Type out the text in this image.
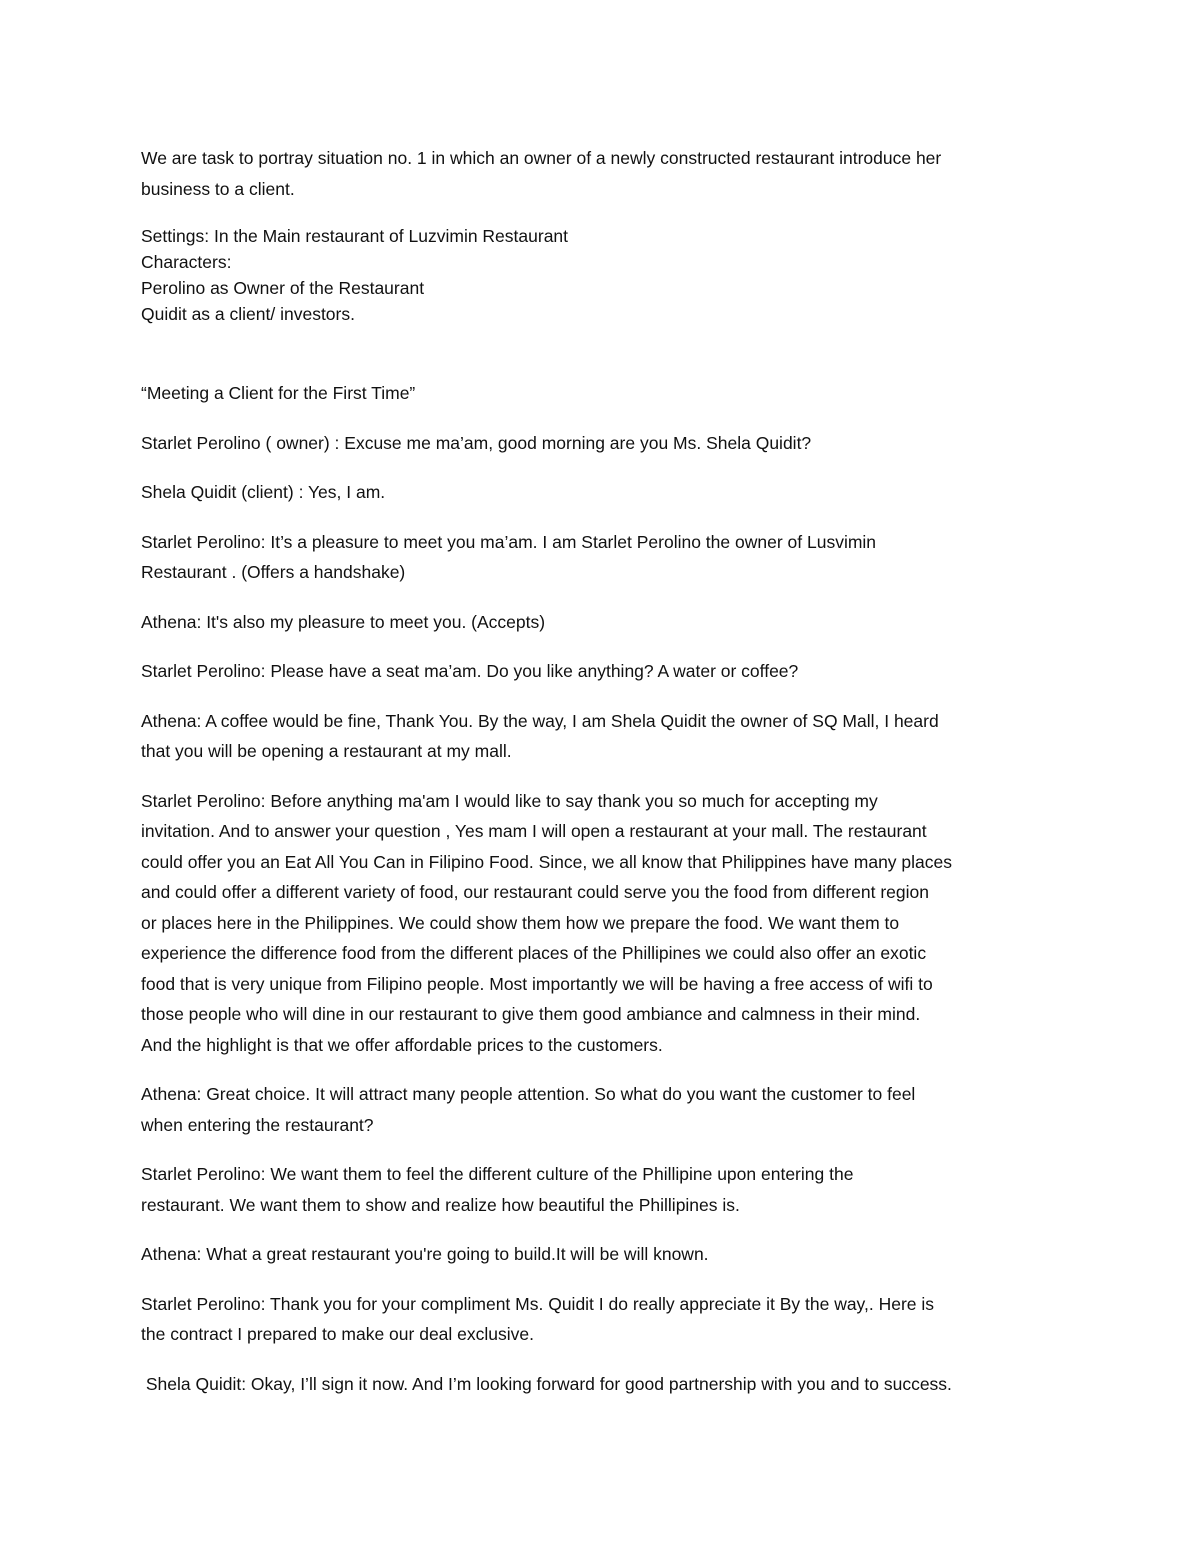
We are task to portray situation no. 1 in which an owner of a newly constructed restaurant introduce her
business to a client.
Settings: In the Main restaurant of Luzvimin Restaurant
Characters:
Perolino as Owner of the Restaurant
Quidit as a client/ investors.
“Meeting a Client for the First Time”
Starlet Perolino ( owner) : Excuse me ma’am, good morning are you Ms. Shela Quidit?
Shela Quidit (client) : Yes, I am.
Starlet Perolino: It’s a pleasure to meet you ma’am. I am Starlet Perolino the owner of Lusvimin
Restaurant . (Offers a handshake)
Athena: It's also my pleasure to meet you. (Accepts)
Starlet Perolino: Please have a seat ma’am. Do you like anything? A water or coffee?
Athena: A coffee would be fine, Thank You. By the way, I am Shela Quidit the owner of SQ Mall, I heard
that you will be opening a restaurant at my mall.
Starlet Perolino: Before anything ma'am I would like to say thank you so much for accepting my
invitation. And to answer your question , Yes mam I will open a restaurant at your mall. The restaurant
could offer you an Eat All You Can in Filipino Food. Since, we all know that Philippines have many places
and could offer a different variety of food, our restaurant could serve you the food from different region
or places here in the Philippines. We could show them how we prepare the food. We want them to
experience the difference food from the different places of the Phillipines we could also offer an exotic
food that is very unique from Filipino people. Most importantly we will be having a free access of wifi to
those people who will dine in our restaurant to give them good ambiance and calmness in their mind.
And the highlight is that we offer affordable prices to the customers.
Athena: Great choice. It will attract many people attention. So what do you want the customer to feel
when entering the restaurant?
Starlet Perolino: We want them to feel the different culture of the Phillipine upon entering the
restaurant. We want them to show and realize how beautiful the Phillipines is.
Athena: What a great restaurant you're going to build.It will be will known.
Starlet Perolino: Thank you for your compliment Ms. Quidit I do really appreciate it By the way,. Here is
the contract I prepared to make our deal exclusive.
Shela Quidit: Okay, I’ll sign it now. And I’m looking forward for good partnership with you and to success.
